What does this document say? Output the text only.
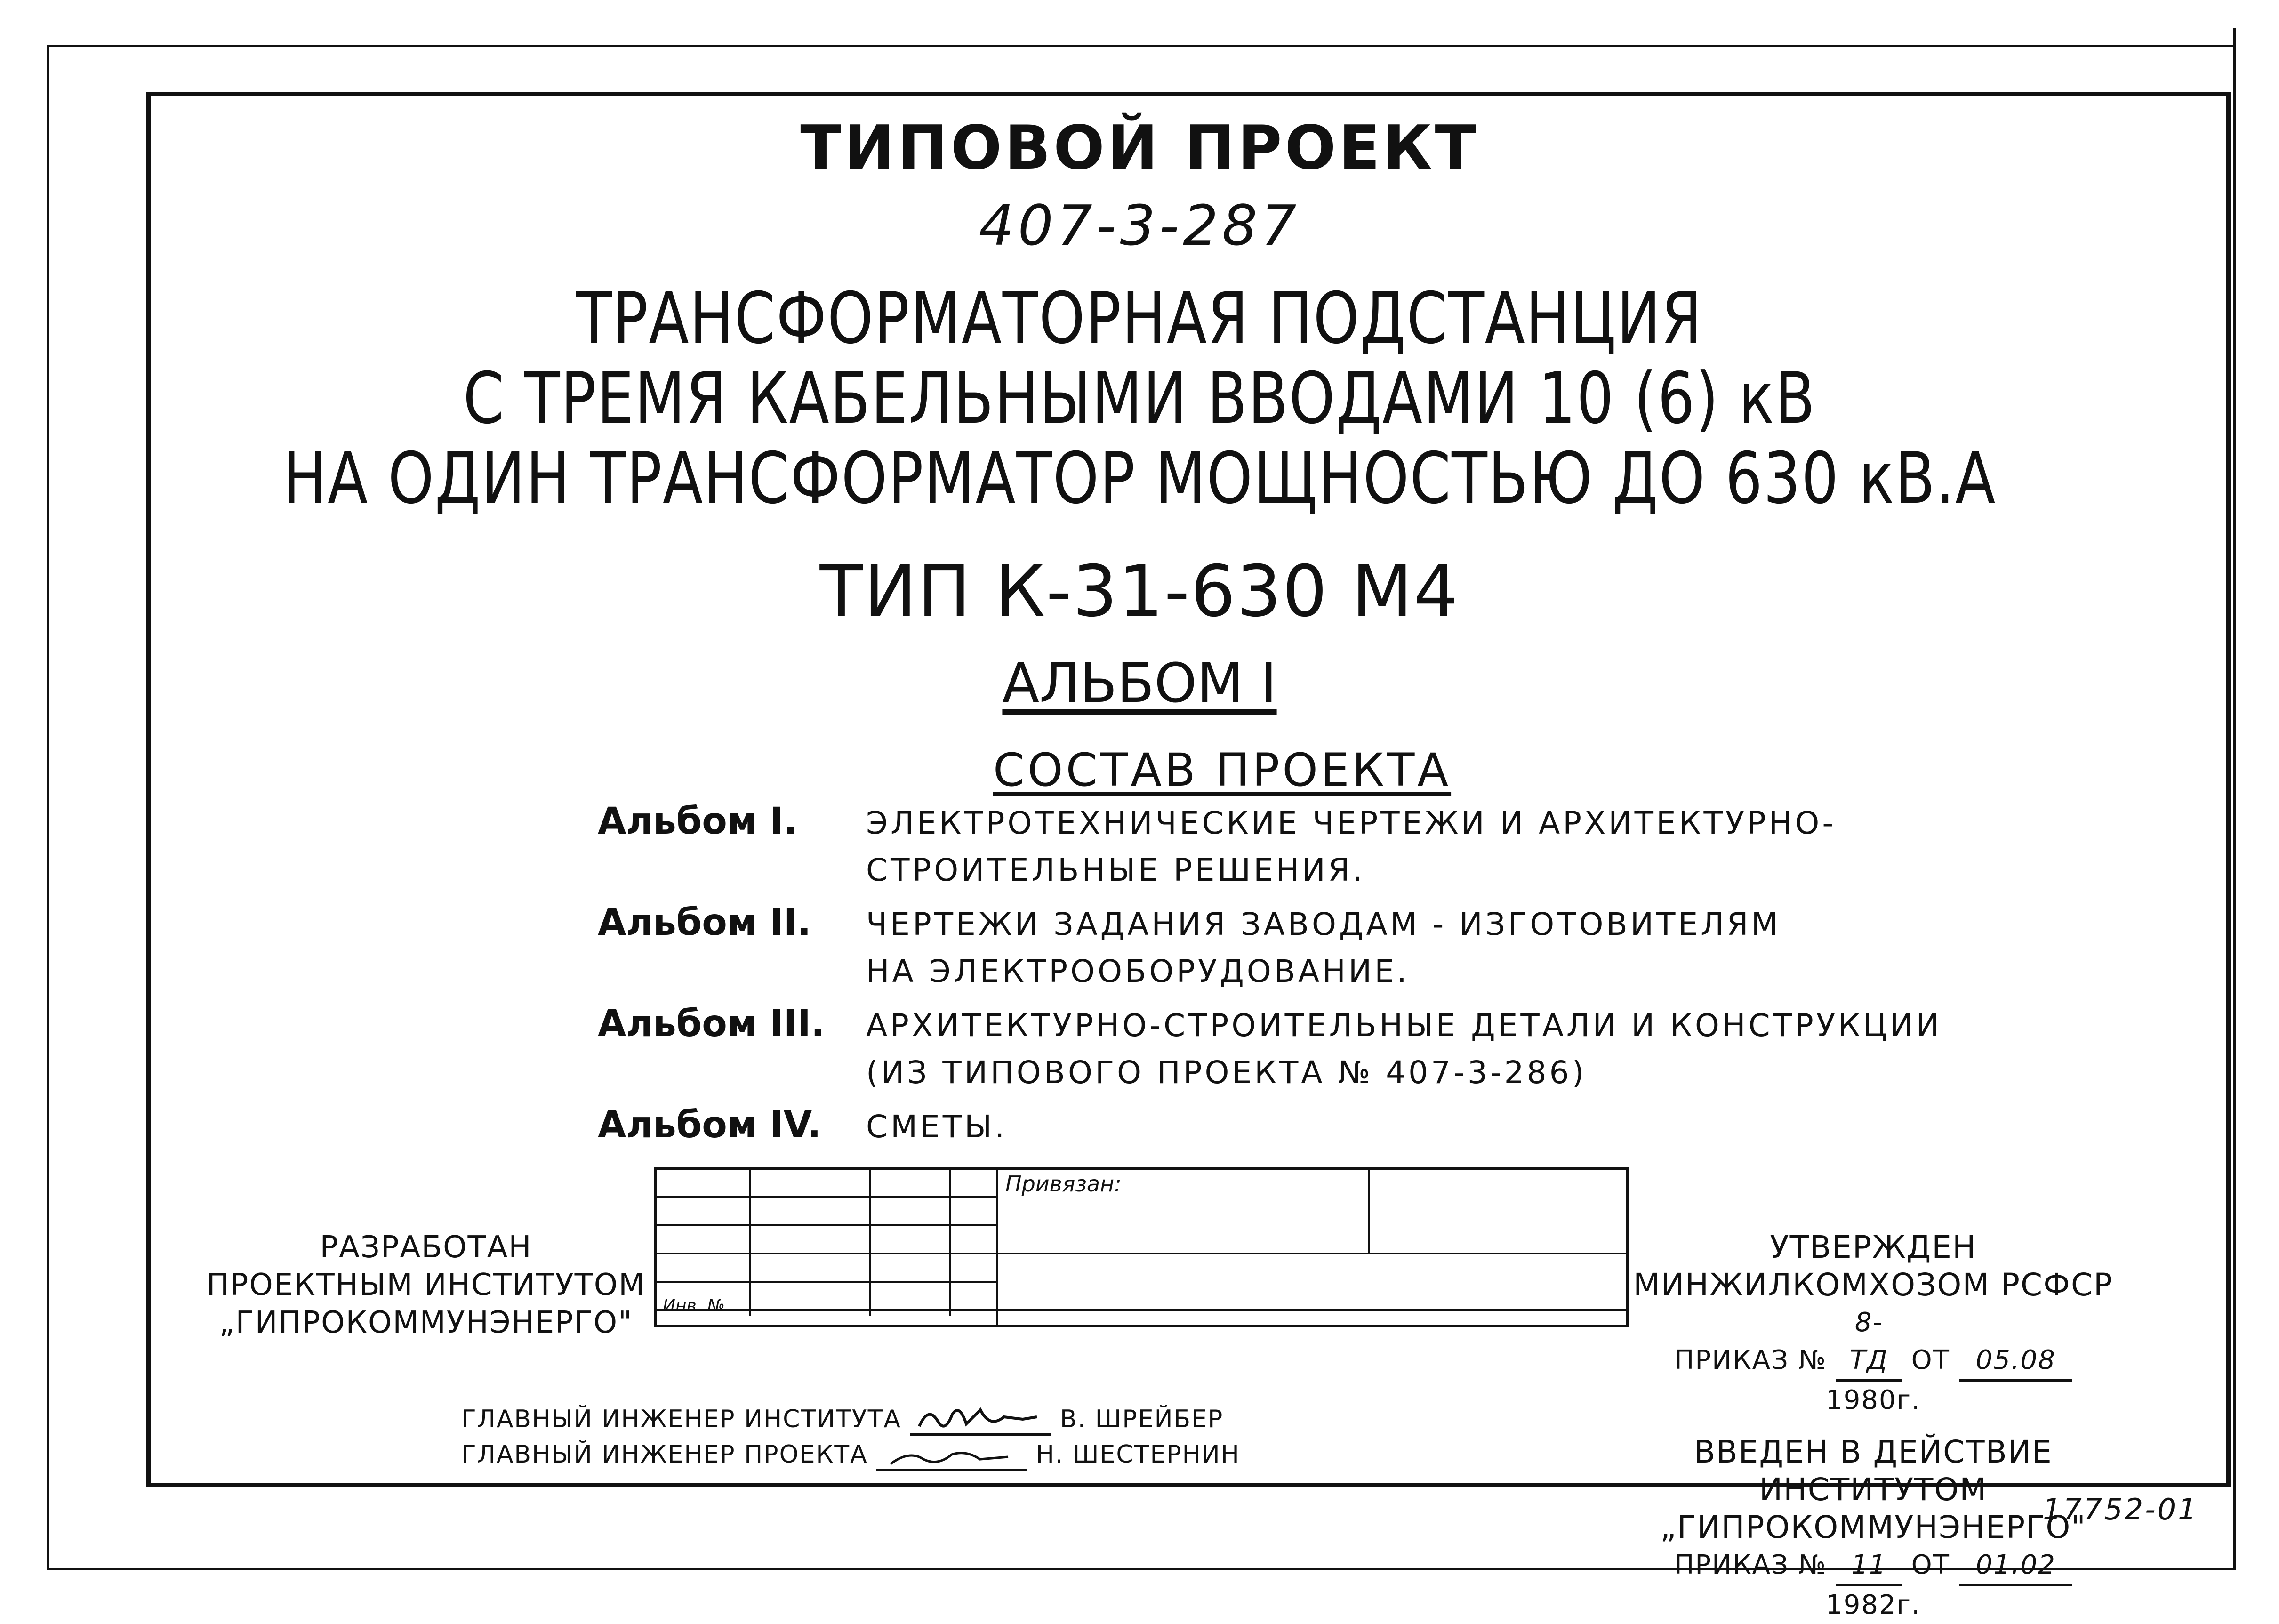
ТИПОВОЙ ПРОЕКТ
407-3-287
ТРАНСФОРМАТОРНАЯ ПОДСТАНЦИЯ
С ТРЕМЯ КАБЕЛЬНЫМИ ВВОДАМИ 10 (6) кВ
НА ОДИН ТРАНСФОРМАТОР МОЩНОСТЬЮ ДО 630 кВ.А
ТИП К-31-630 М4
АЛЬБОМ I
СОСТАВ ПРОЕКТА
Альбом I. ЭЛЕКТРОТЕХНИЧЕСКИЕ ЧЕРТЕЖИ И АРХИТЕКТУРНО-
СТРОИТЕЛЬНЫЕ РЕШЕНИЯ.
Альбом II. ЧЕРТЕЖИ ЗАДАНИЯ ЗАВОДАМ - ИЗГОТОВИТЕЛЯМ
НА ЭЛЕКТРООБОРУДОВАНИЕ.
Альбом III. АРХИТЕКТУРНО-СТРОИТЕЛЬНЫЕ ДЕТАЛИ И КОНСТРУКЦИИ
(ИЗ ТИПОВОГО ПРОЕКТА № 407-3-286)
Альбом IV. СМЕТЫ.
Привязан:
Инв. №
РАЗРАБОТАН
ПРОЕКТНЫМ ИНСТИТУТОМ
„ГИПРОКОММУНЭНЕРГО"
УТВЕРЖДЕН
МИНЖИЛКОМХОЗОМ РСФСР
ПРИКАЗ № 8-ТД ОТ 05.08 1980г.
ВВЕДЕН В ДЕЙСТВИЕ ИНСТИТУТОМ
„ГИПРОКОММУНЭНЕРГО"
ПРИКАЗ № 11 ОТ 01.02 1982г.
ГЛАВНЫЙ ИНЖЕНЕР ИНСТИТУТА	В. ШРЕЙБЕР
ГЛАВНЫЙ ИНЖЕНЕР ПРОЕКТА	Н. ШЕСТЕРНИН
17752-01
